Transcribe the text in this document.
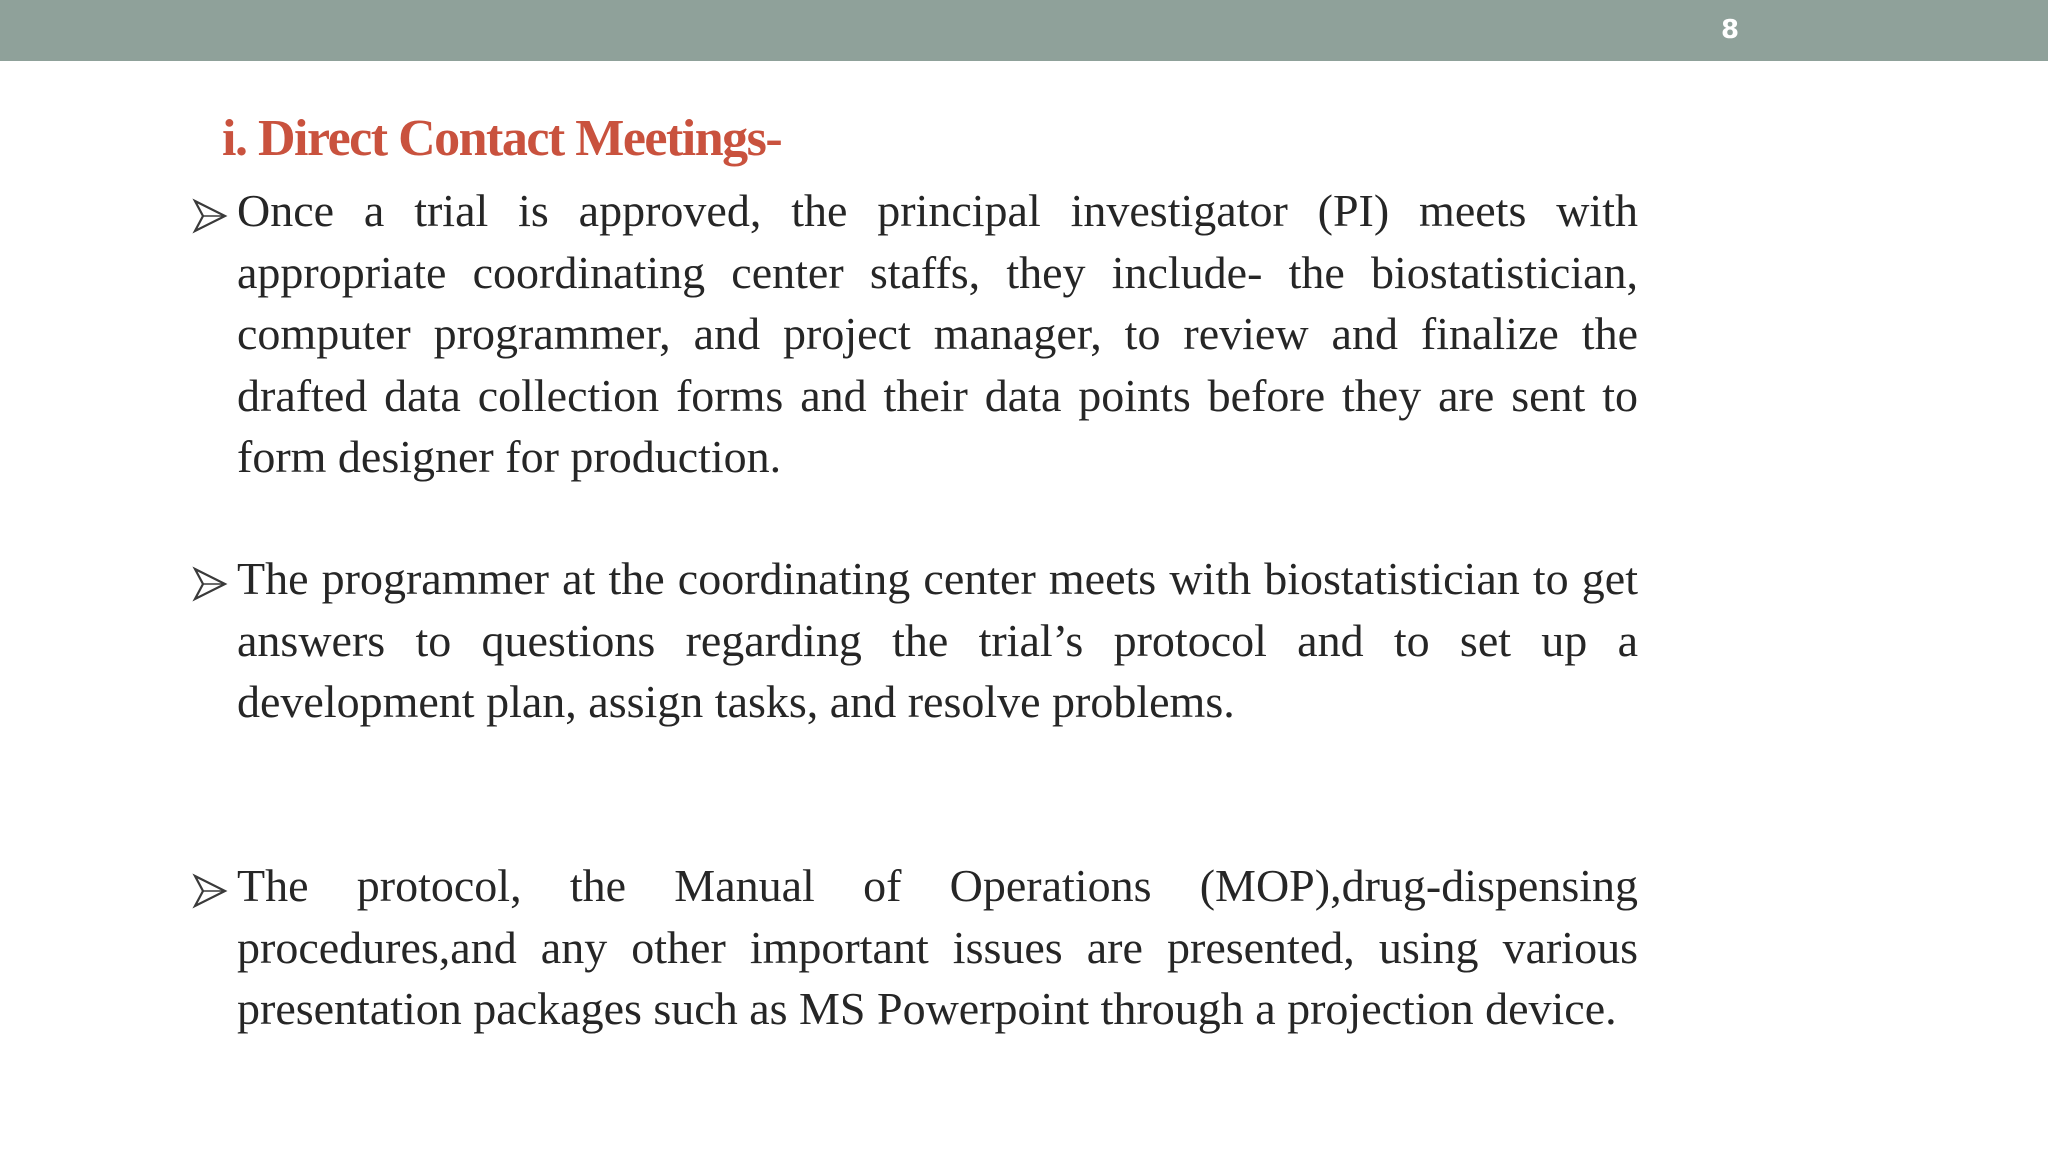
8
i. Direct Contact Meetings-

Once a trial is approved, the principal investigator (PI) meets with appropriate coordinating center staffs, they include- the biostatistician, computer programmer, and project manager, to review and finalize the drafted data collection forms and their data points before they are sent to form designer for production.

The programmer at the coordinating center meets with biostatistician to get answers to questions regarding the trial’s protocol and to set up a development plan, assign tasks, and resolve problems.

The protocol, the Manual of Operations (MOP),drug-dispensing procedures,and any other important issues are presented, using various presentation packages such as MS Powerpoint through a projection device.
